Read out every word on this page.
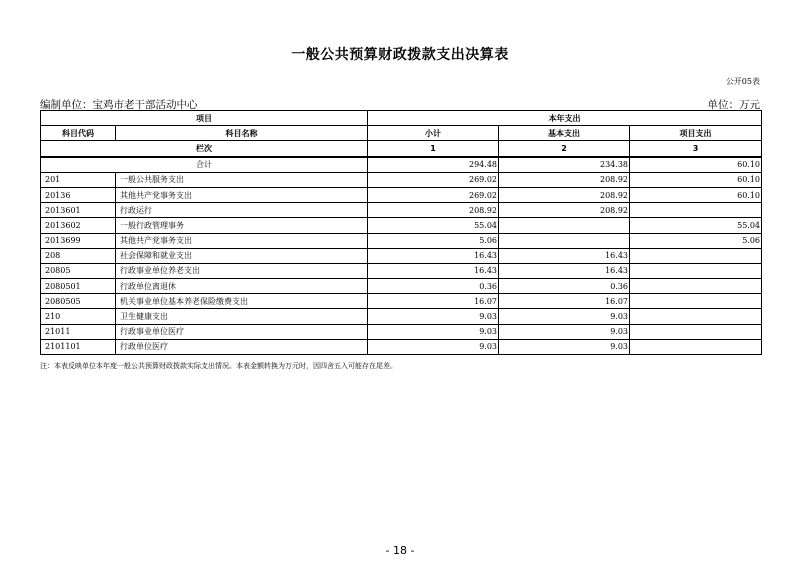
一般公共预算财政拨款支出决算表
公开05表
编制单位：宝鸡市老干部活动中心	单位：万元
项目		本年支出		
科目代码	科目名称	小计	基本支出	项目支出
栏次		1	2	3
合计		294.48	234.38	60.10
201	一般公共服务支出	269.02	208.92	60.10
20136	其他共产党事务支出	269.02	208.92	60.10
2013601	行政运行	208.92	208.92	
2013602	一般行政管理事务	55.04		55.04
2013699	其他共产党事务支出	5.06		5.06
208	社会保障和就业支出	16.43	16.43	
20805	行政事业单位养老支出	16.43	16.43	
2080501	行政单位离退休	0.36	0.36	
2080505	机关事业单位基本养老保险缴费支出	16.07	16.07	
210	卫生健康支出	9.03	9.03	
21011	行政事业单位医疗	9.03	9.03	
2101101	行政单位医疗	9.03	9.03	
注：本表反映单位本年度一般公共预算财政拨款实际支出情况。本表金额转换为万元时，因四舍五入可能存在尾差。
- 18 -
